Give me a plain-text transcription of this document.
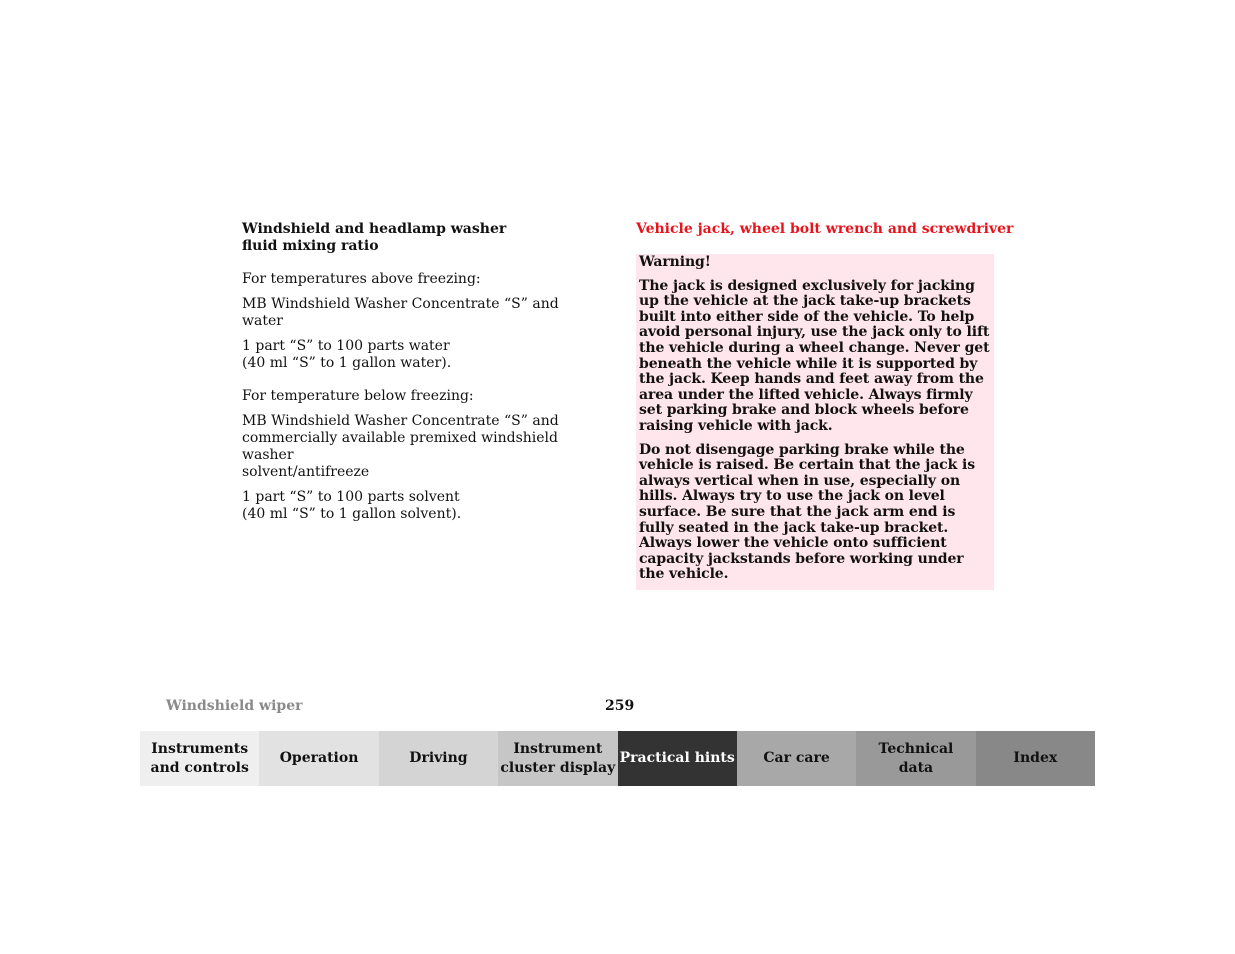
Windshield and headlamp washer
fluid mixing ratio

For temperatures above freezing:

MB Windshield Washer Concentrate “S” and water

1 part “S” to 100 parts water
(40 ml “S” to 1 gallon water).

For temperature below freezing:

MB Windshield Washer Concentrate “S” and
commercially available premixed windshield washer
solvent/antifreeze

1 part “S” to 100 parts solvent
(40 ml “S” to 1 gallon solvent).

Vehicle jack, wheel bolt wrench and screwdriver

Warning!

The jack is designed exclusively for jacking up the vehicle at the jack take-up brackets built into either side of the vehicle. To help avoid personal injury, use the jack only to lift the vehicle during a wheel change. Never get beneath the vehicle while it is supported by the jack. Keep hands and feet away from the area under the lifted vehicle. Always firmly set parking brake and block wheels before raising vehicle with jack.

Do not disengage parking brake while the vehicle is raised. Be certain that the jack is always vertical when in use, especially on hills. Always try to use the jack on level surface. Be sure that the jack arm end is fully seated in the jack take-up bracket. Always lower the vehicle onto sufficient capacity jackstands before working under the vehicle.

Windshield wiper	259
Instruments
and controls
Operation	Driving
Instrument
cluster display
Practical hints	Car care
Technical
data
Index
